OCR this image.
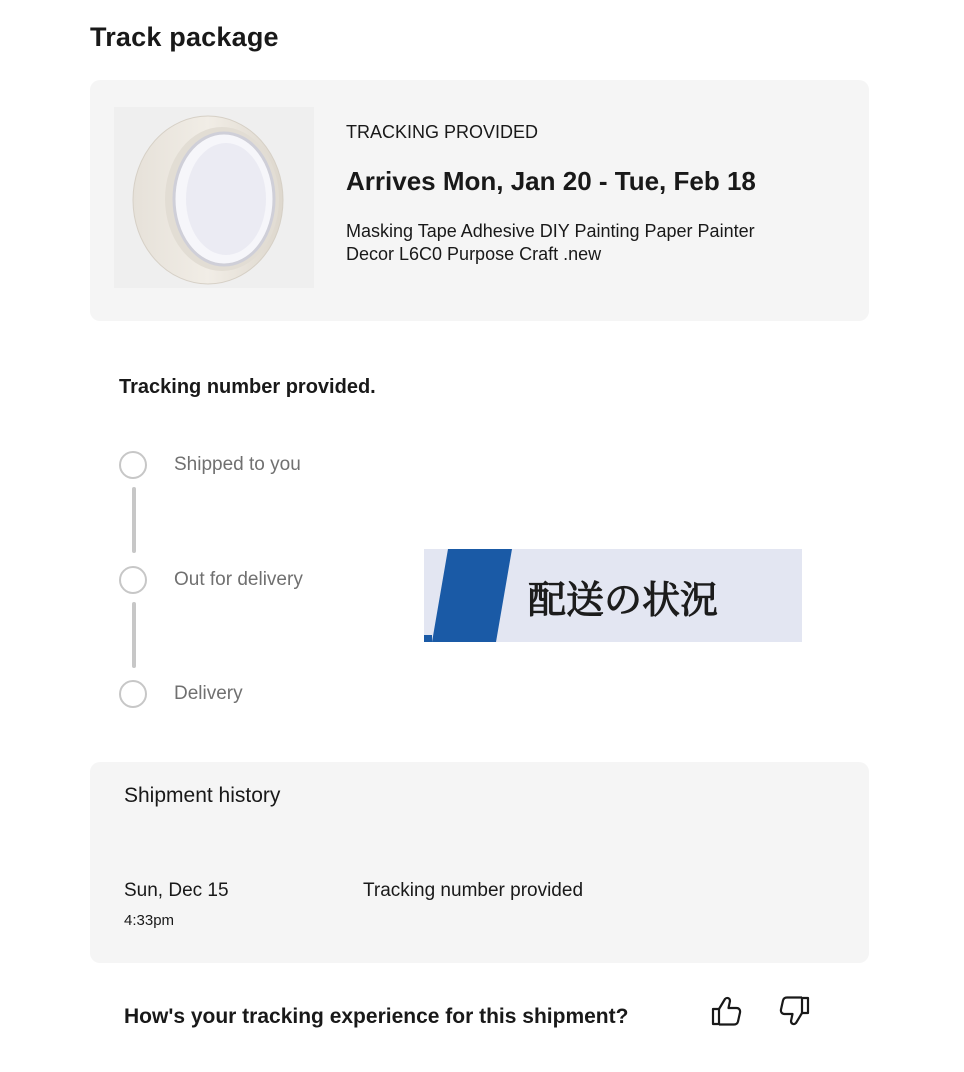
Track package
TRACKING PROVIDED
Arrives Mon, Jan 20 - Tue, Feb 18
Masking Tape Adhesive DIY Painting Paper Painter Decor L6C0 Purpose Craft .new
Tracking number provided.
Shipped to you
Out for delivery
Delivery
配送の状況
Shipment history
Sun, Dec 15
4:33pm
Tracking number provided
How's your tracking experience for this shipment?
